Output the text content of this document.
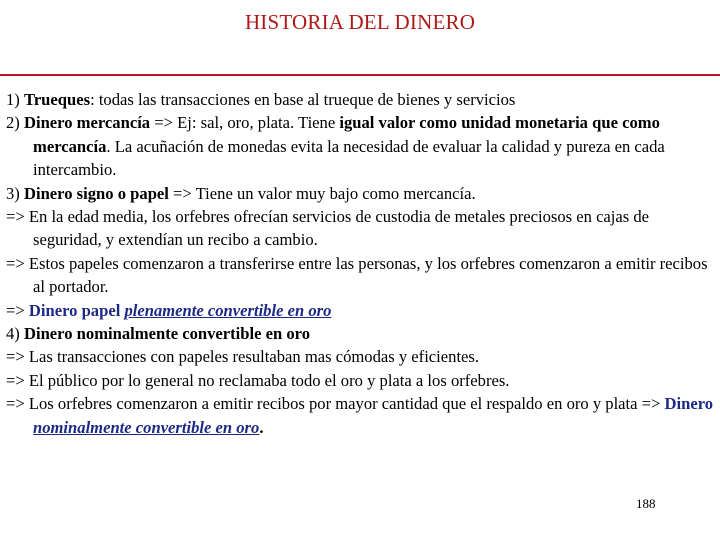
HISTORIA DEL DINERO

1) Trueques: todas las transacciones en base al trueque de bienes y servicios

2) Dinero mercancía => Ej: sal, oro, plata. Tiene igual valor como unidad monetaria que como mercancía. La acuñación de monedas evita la necesidad de evaluar la calidad y pureza en cada intercambio.

3) Dinero signo o papel => Tiene un valor muy bajo como mercancía.

=> En la edad media, los orfebres ofrecían servicios de custodia de metales preciosos en cajas de seguridad, y extendían un recibo a cambio.

=> Estos papeles comenzaron a transferirse entre las personas, y los orfebres comenzaron a emitir recibos al portador.

=> Dinero papel plenamente convertible en oro

4) Dinero nominalmente convertible en oro

=> Las transacciones con papeles resultaban mas cómodas y eficientes.

=> El público por lo general no reclamaba todo el oro y plata a los orfebres.

=> Los orfebres comenzaron a emitir recibos por mayor cantidad que el respaldo en oro y plata => Dinero nominalmente convertible en oro.

188
